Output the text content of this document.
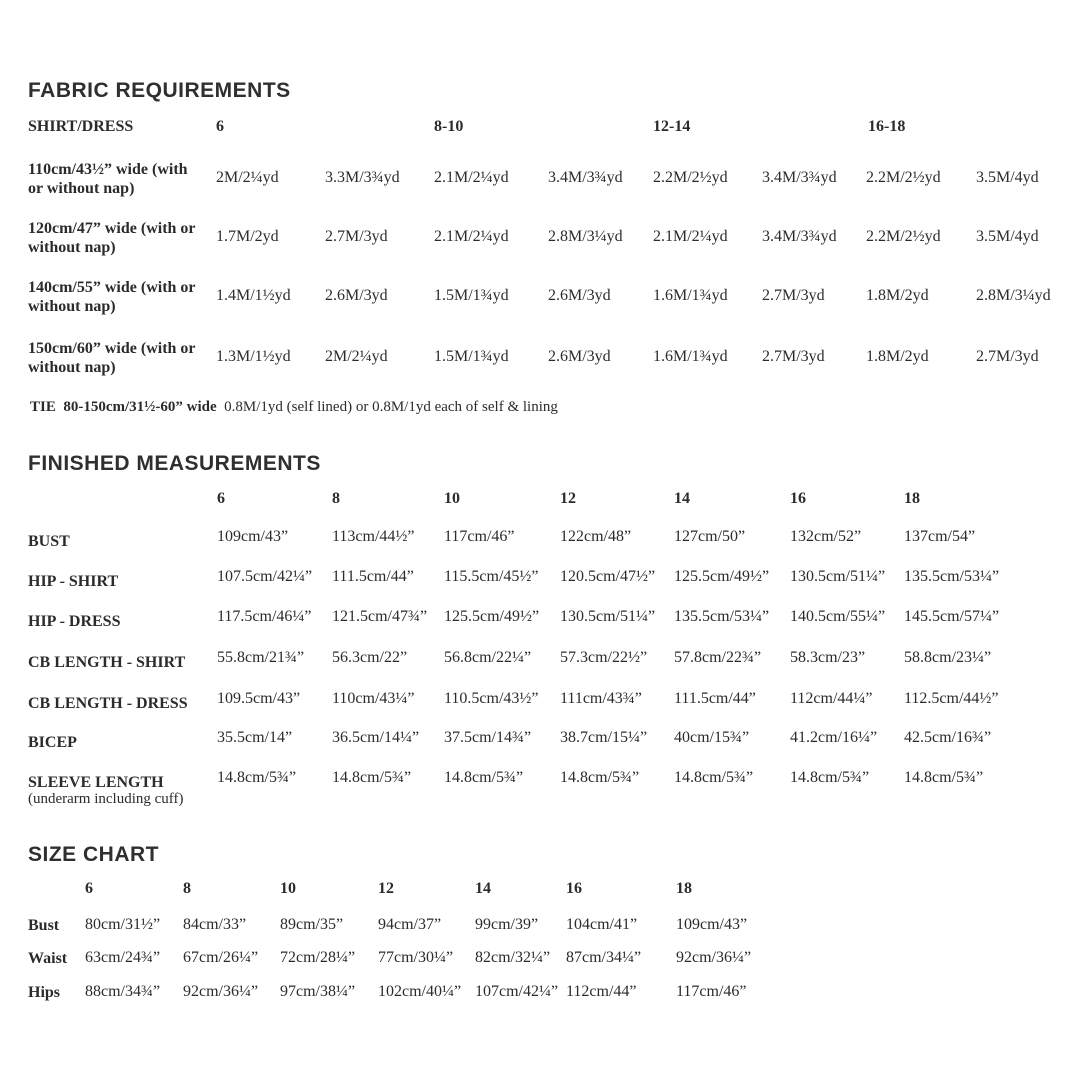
FABRIC REQUIREMENTS
SHIRT/DRESS	6	8-10	12-14	16-18
110cm/43½” wide (with
or without nap)
2M/2¼yd	3.3M/3¾yd 2.1M/2¼yd 3.4M/3¾yd 2.2M/2½yd 3.4M/3¾yd 2.2M/2½yd 3.5M/4yd
120cm/47” wide (with or
without nap)
1.7M/2yd	2.7M/3yd	2.1M/2¼yd 2.8M/3¼yd 2.1M/2¼yd 3.4M/3¾yd 2.2M/2½yd 3.5M/4yd
140cm/55” wide (with or
without nap)
1.4M/1½yd 2.6M/3yd	1.5M/1¾yd 2.6M/3yd	1.6M/1¾yd 2.7M/3yd	1.8M/2yd	2.8M/3¼yd
150cm/60” wide (with or
without nap)
1.3M/1½yd 2M/2¼yd	1.5M/1¾yd 2.6M/3yd	1.6M/1¾yd 2.7M/3yd	1.8M/2yd	2.7M/3yd
TIE 80-150cm/31½-60” wide 0.8M/1yd (self lined) or 0.8M/1yd each of self & lining
FINISHED MEASUREMENTS
6	8	10	12	14	16	18
BUST	109cm/43”	113cm/44½” 117cm/46”	122cm/48”	127cm/50”	132cm/52”	137cm/54”
HIP - SHIRT	107.5cm/42¼” 111.5cm/44” 115.5cm/45½” 120.5cm/47½” 125.5cm/49½” 130.5cm/51¼” 135.5cm/53¼”
HIP - DRESS	117.5cm/46¼” 121.5cm/47¾” 125.5cm/49½” 130.5cm/51¼” 135.5cm/53¼” 140.5cm/55¼” 145.5cm/57¼”
CB LENGTH - SHIRT 55.8cm/21¾” 56.3cm/22” 56.8cm/22¼” 57.3cm/22½” 57.8cm/22¾” 58.3cm/23” 58.8cm/23¼”
CB LENGTH - DRESS 109.5cm/43” 110cm/43¼” 110.5cm/43½” 111cm/43¾” 111.5cm/44” 112cm/44¼” 112.5cm/44½”
BICEP	35.5cm/14” 36.5cm/14¼” 37.5cm/14¾” 38.7cm/15¼” 40cm/15¾”	41.2cm/16¼” 42.5cm/16¾”
SLEEVE LENGTH
(underarm including cuff)
14.8cm/5¾” 14.8cm/5¾” 14.8cm/5¾” 14.8cm/5¾” 14.8cm/5¾” 14.8cm/5¾” 14.8cm/5¾”
SIZE CHART
6	8	10	12	14	16	18
Bust 80cm/31½” 84cm/33” 89cm/35” 94cm/37” 99cm/39” 104cm/41” 109cm/43”
Waist 63cm/24¾” 67cm/26¼” 72cm/28¼” 77cm/30¼” 82cm/32¼” 87cm/34¼” 92cm/36¼”
Hips 88cm/34¾” 92cm/36¼” 97cm/38¼” 102cm/40¼” 107cm/42¼” 112cm/44” 117cm/46”
